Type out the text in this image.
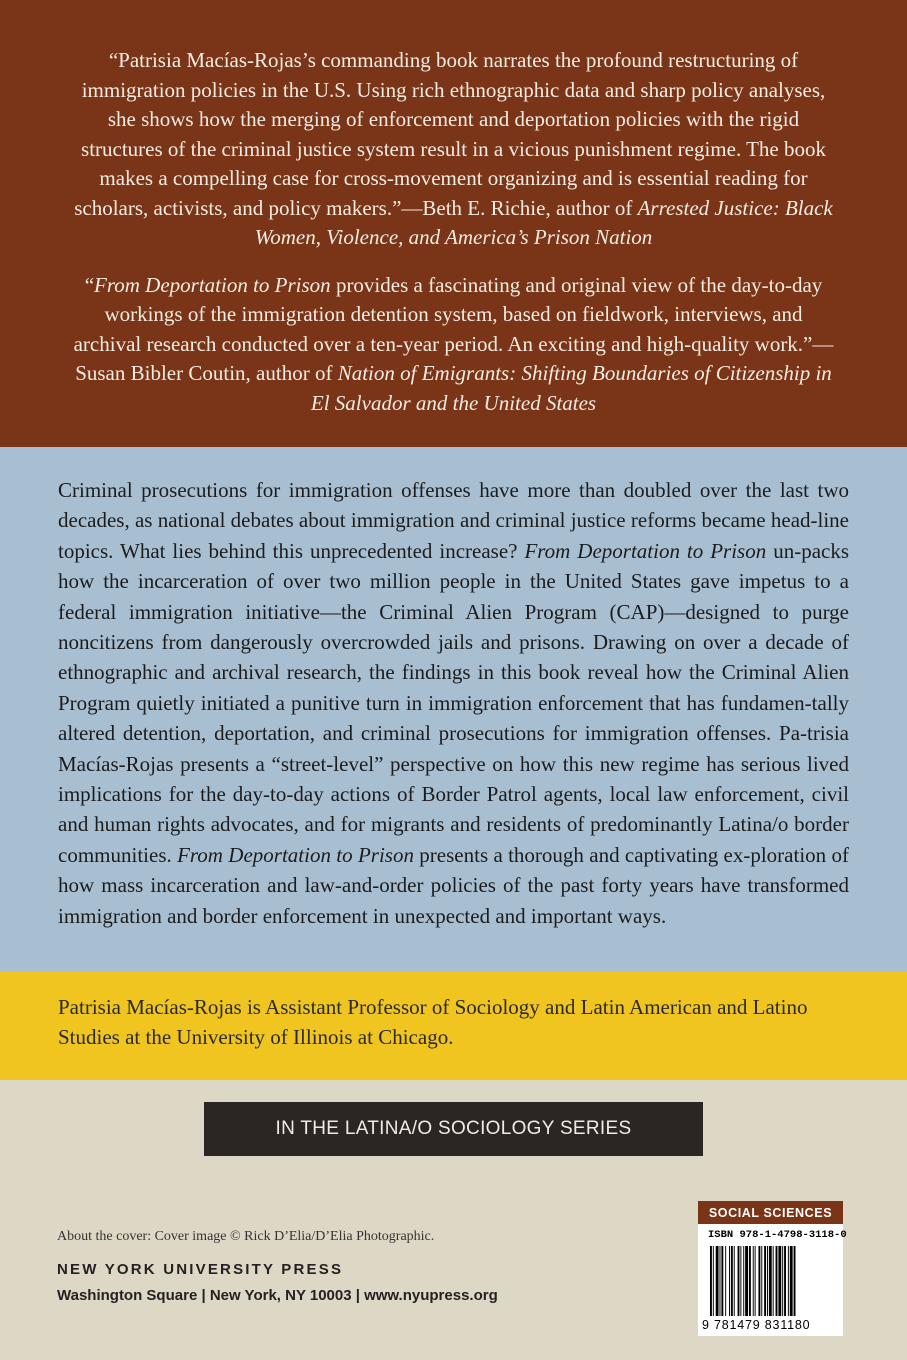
“Patrisia Macías-Rojas’s commanding book narrates the profound restructuring of immigration policies in the U.S. Using rich ethnographic data and sharp policy analyses, she shows how the merging of enforcement and deportation policies with the rigid structures of the criminal justice system result in a vicious punishment regime. The book makes a compelling case for cross-movement organizing and is essential reading for scholars, activists, and policy makers.”—Beth E. Richie, author of Arrested Justice: Black Women, Violence, and America’s Prison Nation

“From Deportation to Prison provides a fascinating and original view of the day-to-day workings of the immigration detention system, based on fieldwork, interviews, and archival research conducted over a ten-year period. An exciting and high-quality work.”—Susan Bibler Coutin, author of Nation of Emigrants: Shifting Boundaries of Citizenship in El Salvador and the United States

Criminal prosecutions for immigration offenses have more than doubled over the last two decades, as national debates about immigration and criminal justice reforms became head-line topics. What lies behind this unprecedented increase? From Deportation to Prison un-packs how the incarceration of over two million people in the United States gave impetus to a federal immigration initiative—the Criminal Alien Program (CAP)—designed to purge noncitizens from dangerously overcrowded jails and prisons. Drawing on over a decade of ethnographic and archival research, the findings in this book reveal how the Criminal Alien Program quietly initiated a punitive turn in immigration enforcement that has fundamen-tally altered detention, deportation, and criminal prosecutions for immigration offenses. Pa-trisia Macías-Rojas presents a “street-level” perspective on how this new regime has serious lived implications for the day-to-day actions of Border Patrol agents, local law enforcement, civil and human rights advocates, and for migrants and residents of predominantly Latina/o border communities. From Deportation to Prison presents a thorough and captivating ex-ploration of how mass incarceration and law-and-order policies of the past forty years have transformed immigration and border enforcement in unexpected and important ways.

Patrisia Macías-Rojas is Assistant Professor of Sociology and Latin American and Latino Studies at the University of Illinois at Chicago.

IN THE LATINA/O SOCIOLOGY SERIES
About the cover: Cover image © Rick D’Elia/D’Elia Photographic.
NEW YORK UNIVERSITY PRESS
Washington Square | New York, NY 10003 | www.nyupress.org
SOCIAL SCIENCES
ISBN 978-1-4798-3118-0
9 781479 831180
